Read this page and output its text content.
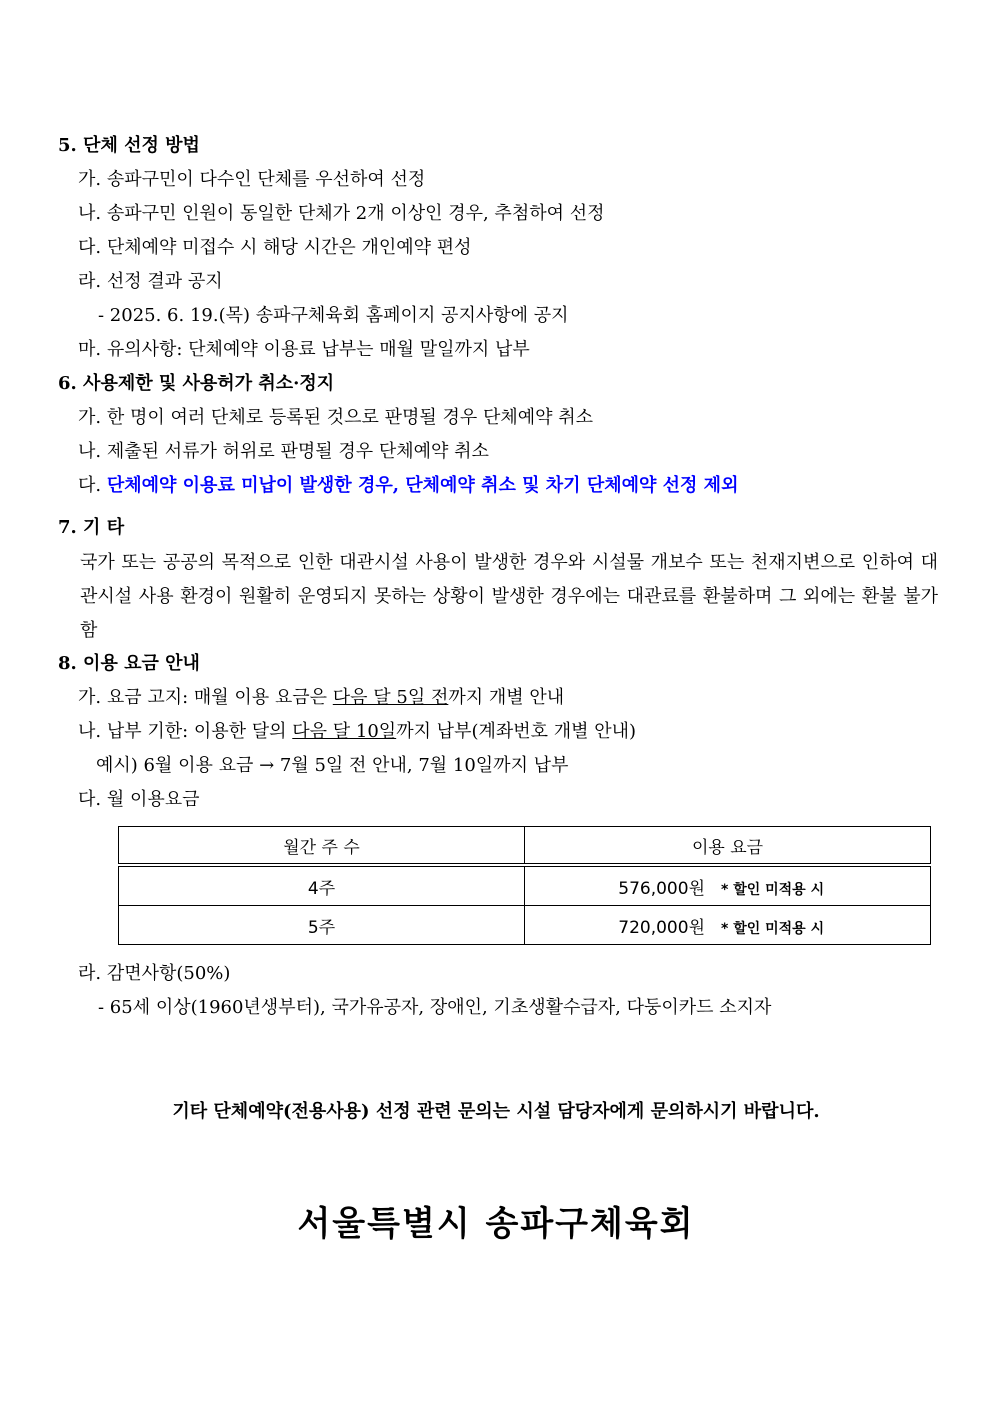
5. 단체 선정 방법
가. 송파구민이 다수인 단체를 우선하여 선정
나. 송파구민 인원이 동일한 단체가 2개 이상인 경우, 추첨하여 선정
다. 단체예약 미접수 시 해당 시간은 개인예약 편성
라. 선정 결과 공지
- 2025. 6. 19.(목) 송파구체육회 홈페이지 공지사항에 공지
마. 유의사항: 단체예약 이용료 납부는 매월 말일까지 납부
6. 사용제한 및 사용허가 취소·정지
가. 한 명이 여러 단체로 등록된 것으로 판명될 경우 단체예약 취소
나. 제출된 서류가 허위로 판명될 경우 단체예약 취소
다. 단체예약 이용료 미납이 발생한 경우, 단체예약 취소 및 차기 단체예약 선정 제외
7. 기 타
국가 또는 공공의 목적으로 인한 대관시설 사용이 발생한 경우와 시설물 개보수 또는 천재지변으로 인하여 대관시설 사용 환경이 원활히 운영되지 못하는 상황이 발생한 경우에는 대관료를 환불하며 그 외에는 환불 불가함
8. 이용 요금 안내
가. 요금 고지: 매월 이용 요금은 다음 달 5일 전까지 개별 안내
나. 납부 기한: 이용한 달의 다음 달 10일까지 납부(계좌번호 개별 안내)
예시) 6월 이용 요금 → 7월 5일 전 안내, 7월 10일까지 납부
다. 월 이용요금
월간 주 수	이용 요금
4주	576,000원 * 할인 미적용 시
5주	720,000원 * 할인 미적용 시
라. 감면사항(50%)
- 65세 이상(1960년생부터), 국가유공자, 장애인, 기초생활수급자, 다둥이카드 소지자
기타 단체예약(전용사용) 선정 관련 문의는 시설 담당자에게 문의하시기 바랍니다.
서울특별시 송파구체육회
